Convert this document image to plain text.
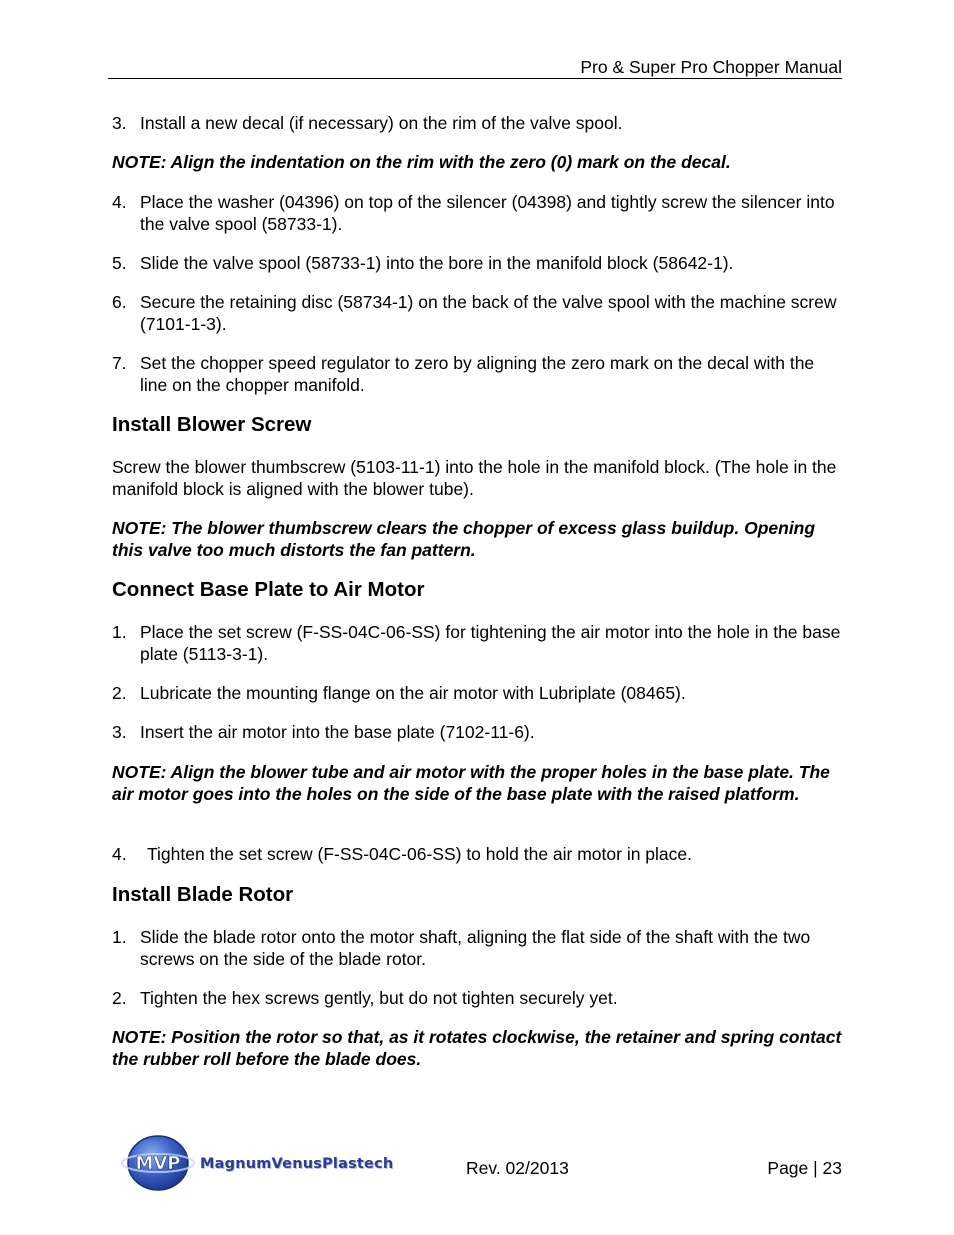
Pro & Super Pro Chopper Manual
3. Install a new decal (if necessary) on the rim of the valve spool.
NOTE: Align the indentation on the rim with the zero (0) mark on the decal.
4. Place the washer (04396) on top of the silencer (04398) and tightly screw the silencer into the valve spool (58733-1).
5. Slide the valve spool (58733-1) into the bore in the manifold block (58642-1).
6. Secure the retaining disc (58734-1) on the back of the valve spool with the machine screw (7101-1-3).
7. Set the chopper speed regulator to zero by aligning the zero mark on the decal with the line on the chopper manifold.
Install Blower Screw
Screw the blower thumbscrew (5103-11-1) into the hole in the manifold block. (The hole in the manifold block is aligned with the blower tube).
NOTE: The blower thumbscrew clears the chopper of excess glass buildup. Opening this valve too much distorts the fan pattern.
Connect Base Plate to Air Motor
1. Place the set screw (F-SS-04C-06-SS) for tightening the air motor into the hole in the base plate (5113-3-1).
2. Lubricate the mounting flange on the air motor with Lubriplate (08465).
3. Insert the air motor into the base plate (7102-11-6).
NOTE: Align the blower tube and air motor with the proper holes in the base plate. The air motor goes into the holes on the side of the base plate with the raised platform.
4.	Tighten the set screw (F-SS-04C-06-SS) to hold the air motor in place.
Install Blade Rotor
1. Slide the blade rotor onto the motor shaft, aligning the flat side of the shaft with the two screws on the side of the blade rotor.
2. Tighten the hex screws gently, but do not tighten securely yet.
NOTE: Position the rotor so that, as it rotates clockwise, the retainer and spring contact the rubber roll before the blade does.
MVP MagnumVenusPlastech	Rev. 02/2013	Page | 23
